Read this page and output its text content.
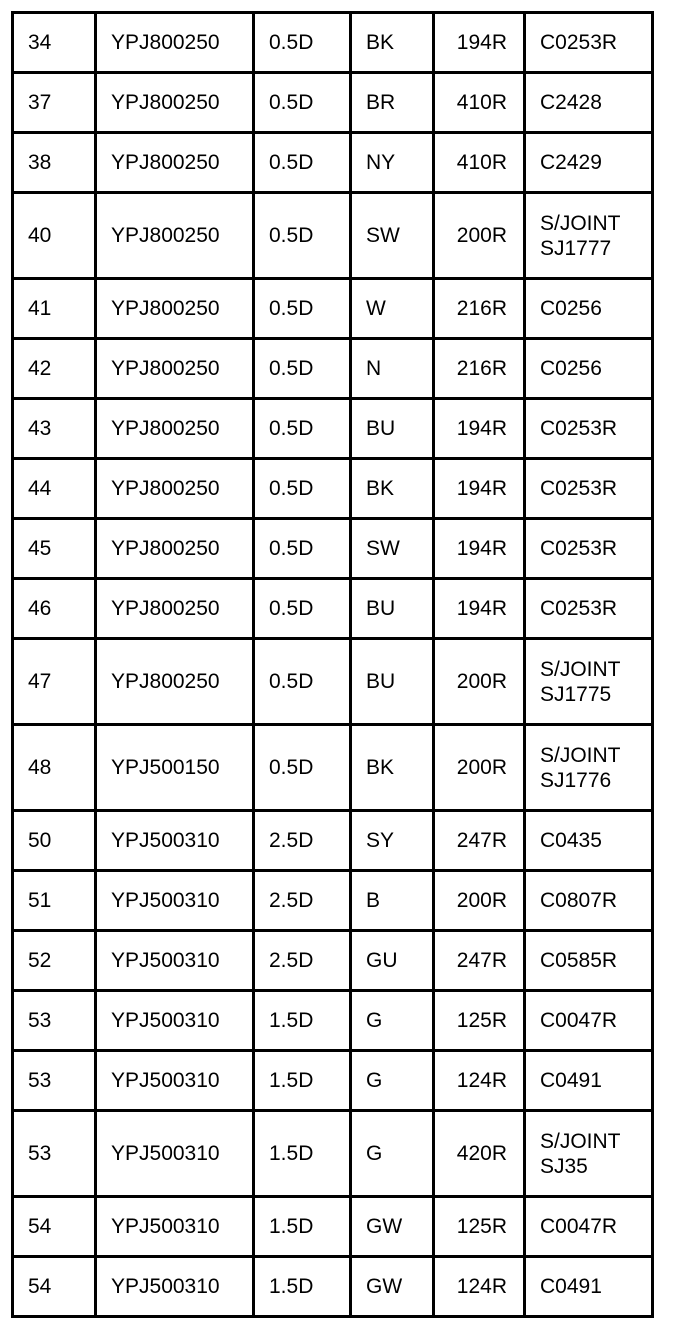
34	YPJ800250	0.5D	BK	194R	C0253R

37	YPJ800250	0.5D	BR	410R	C2428

38	YPJ800250	0.5D	NY	410R	C2429

40	YPJ800250	0.5D	SW	200R	S/JOINT
SJ1777

41	YPJ800250	0.5D	W	216R	C0256

42	YPJ800250	0.5D	N	216R	C0256

43	YPJ800250	0.5D	BU	194R	C0253R

44	YPJ800250	0.5D	BK	194R	C0253R

45	YPJ800250	0.5D	SW	194R	C0253R

46	YPJ800250	0.5D	BU	194R	C0253R

47	YPJ800250	0.5D	BU	200R	S/JOINT
SJ1775

48	YPJ500150	0.5D	BK	200R	S/JOINT
SJ1776

50	YPJ500310	2.5D	SY	247R	C0435

51	YPJ500310	2.5D	B	200R	C0807R

52	YPJ500310	2.5D	GU	247R	C0585R

53	YPJ500310	1.5D	G	125R	C0047R

53	YPJ500310	1.5D	G	124R	C0491

53	YPJ500310	1.5D	G	420R	S/JOINT
SJ35

54	YPJ500310	1.5D	GW	125R	C0047R

54	YPJ500310	1.5D	GW	124R	C0491
